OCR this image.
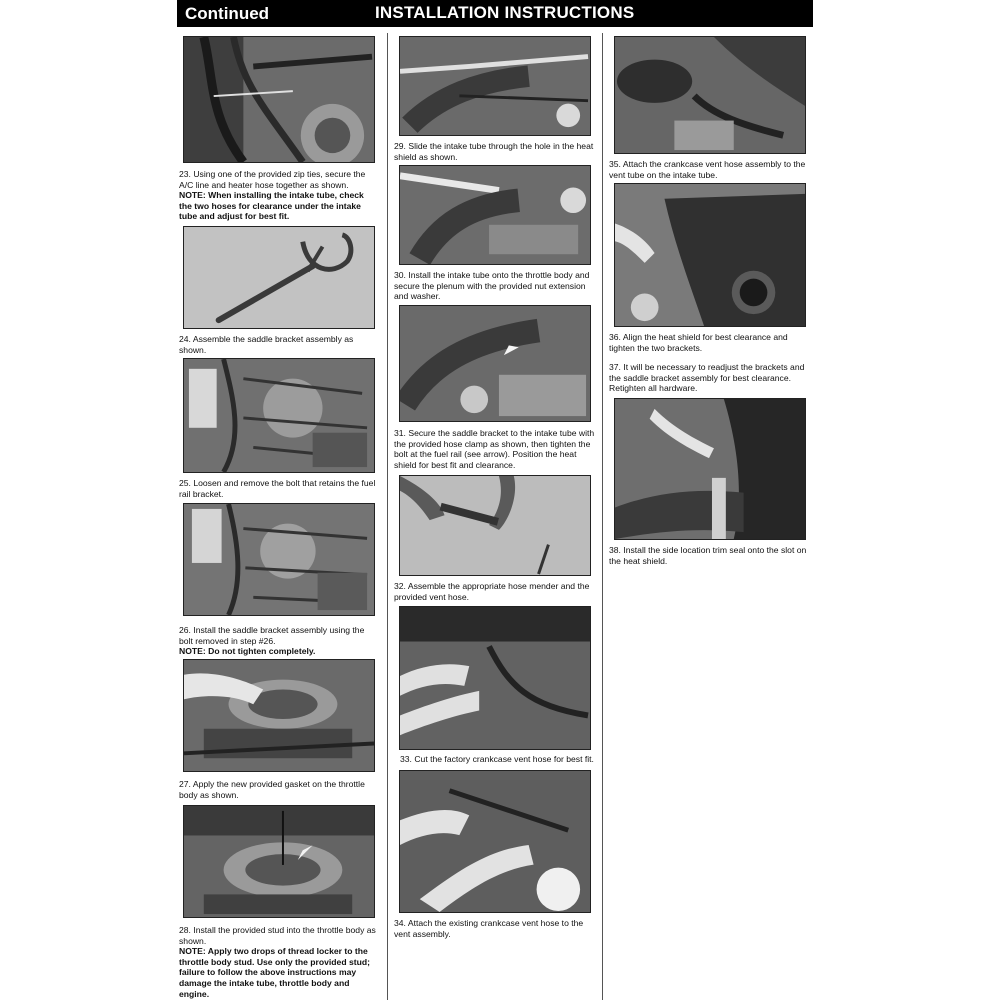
Continued	INSTALLATION INSTRUCTIONS

23. Using one of the provided zip ties, secure the A/C line and heater hose together as shown.
NOTE: When installing the intake tube, check the two hoses for clearance under the intake tube and adjust for best fit.

24. Assemble the saddle bracket assembly as shown.

25. Loosen and remove the bolt that retains the fuel rail bracket.

26. Install the saddle bracket assembly using the bolt removed in step #26.
NOTE: Do not tighten completely.

27. Apply the new provided gasket on the throttle body as shown.

28. Install the provided stud into the throttle body as shown.
NOTE: Apply two drops of thread locker to the throttle body stud. Use only the provided stud; failure to follow the above instructions may damage the intake tube, throttle body and engine.

29. Slide the intake tube through the hole in the heat shield as shown.

30. Install the intake tube onto the throttle body and secure the plenum with the provided nut extension and washer.

31. Secure the saddle bracket to the intake tube with the provided hose clamp as shown, then tighten the bolt at the fuel rail (see arrow). Position the heat shield for best fit and clearance.

32. Assemble the appropriate hose mender and the provided vent hose.

33. Cut the factory crankcase vent hose for best fit.

34. Attach the existing crankcase vent hose to the vent assembly.

35. Attach the crankcase vent hose assembly to the vent tube on the intake tube.

36. Align the heat shield for best clearance and tighten the two brackets.

37. It will be necessary to readjust the brackets and the saddle bracket assembly for best clearance. Retighten all hardware.

38. Install the side location trim seal onto the slot on the heat shield.
